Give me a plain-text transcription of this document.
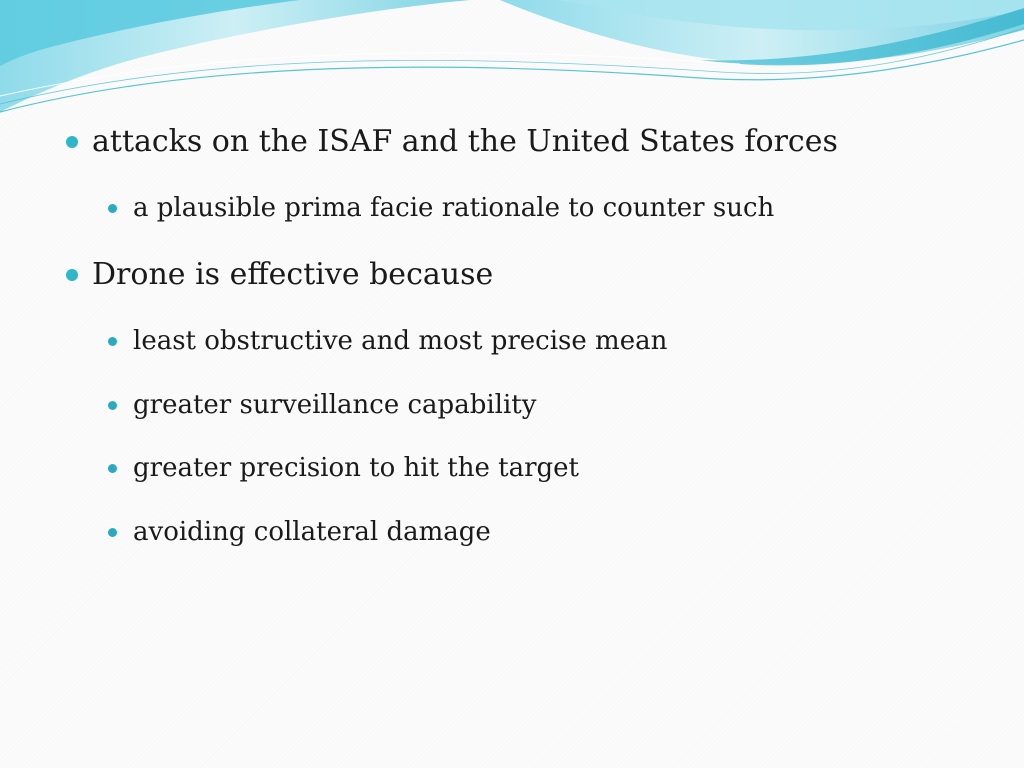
attacks on the ISAF and the United States forces
a plausible prima facie rationale to counter such
Drone is effective because
least obstructive and most precise mean
greater surveillance capability
greater precision to hit the target
avoiding collateral damage
